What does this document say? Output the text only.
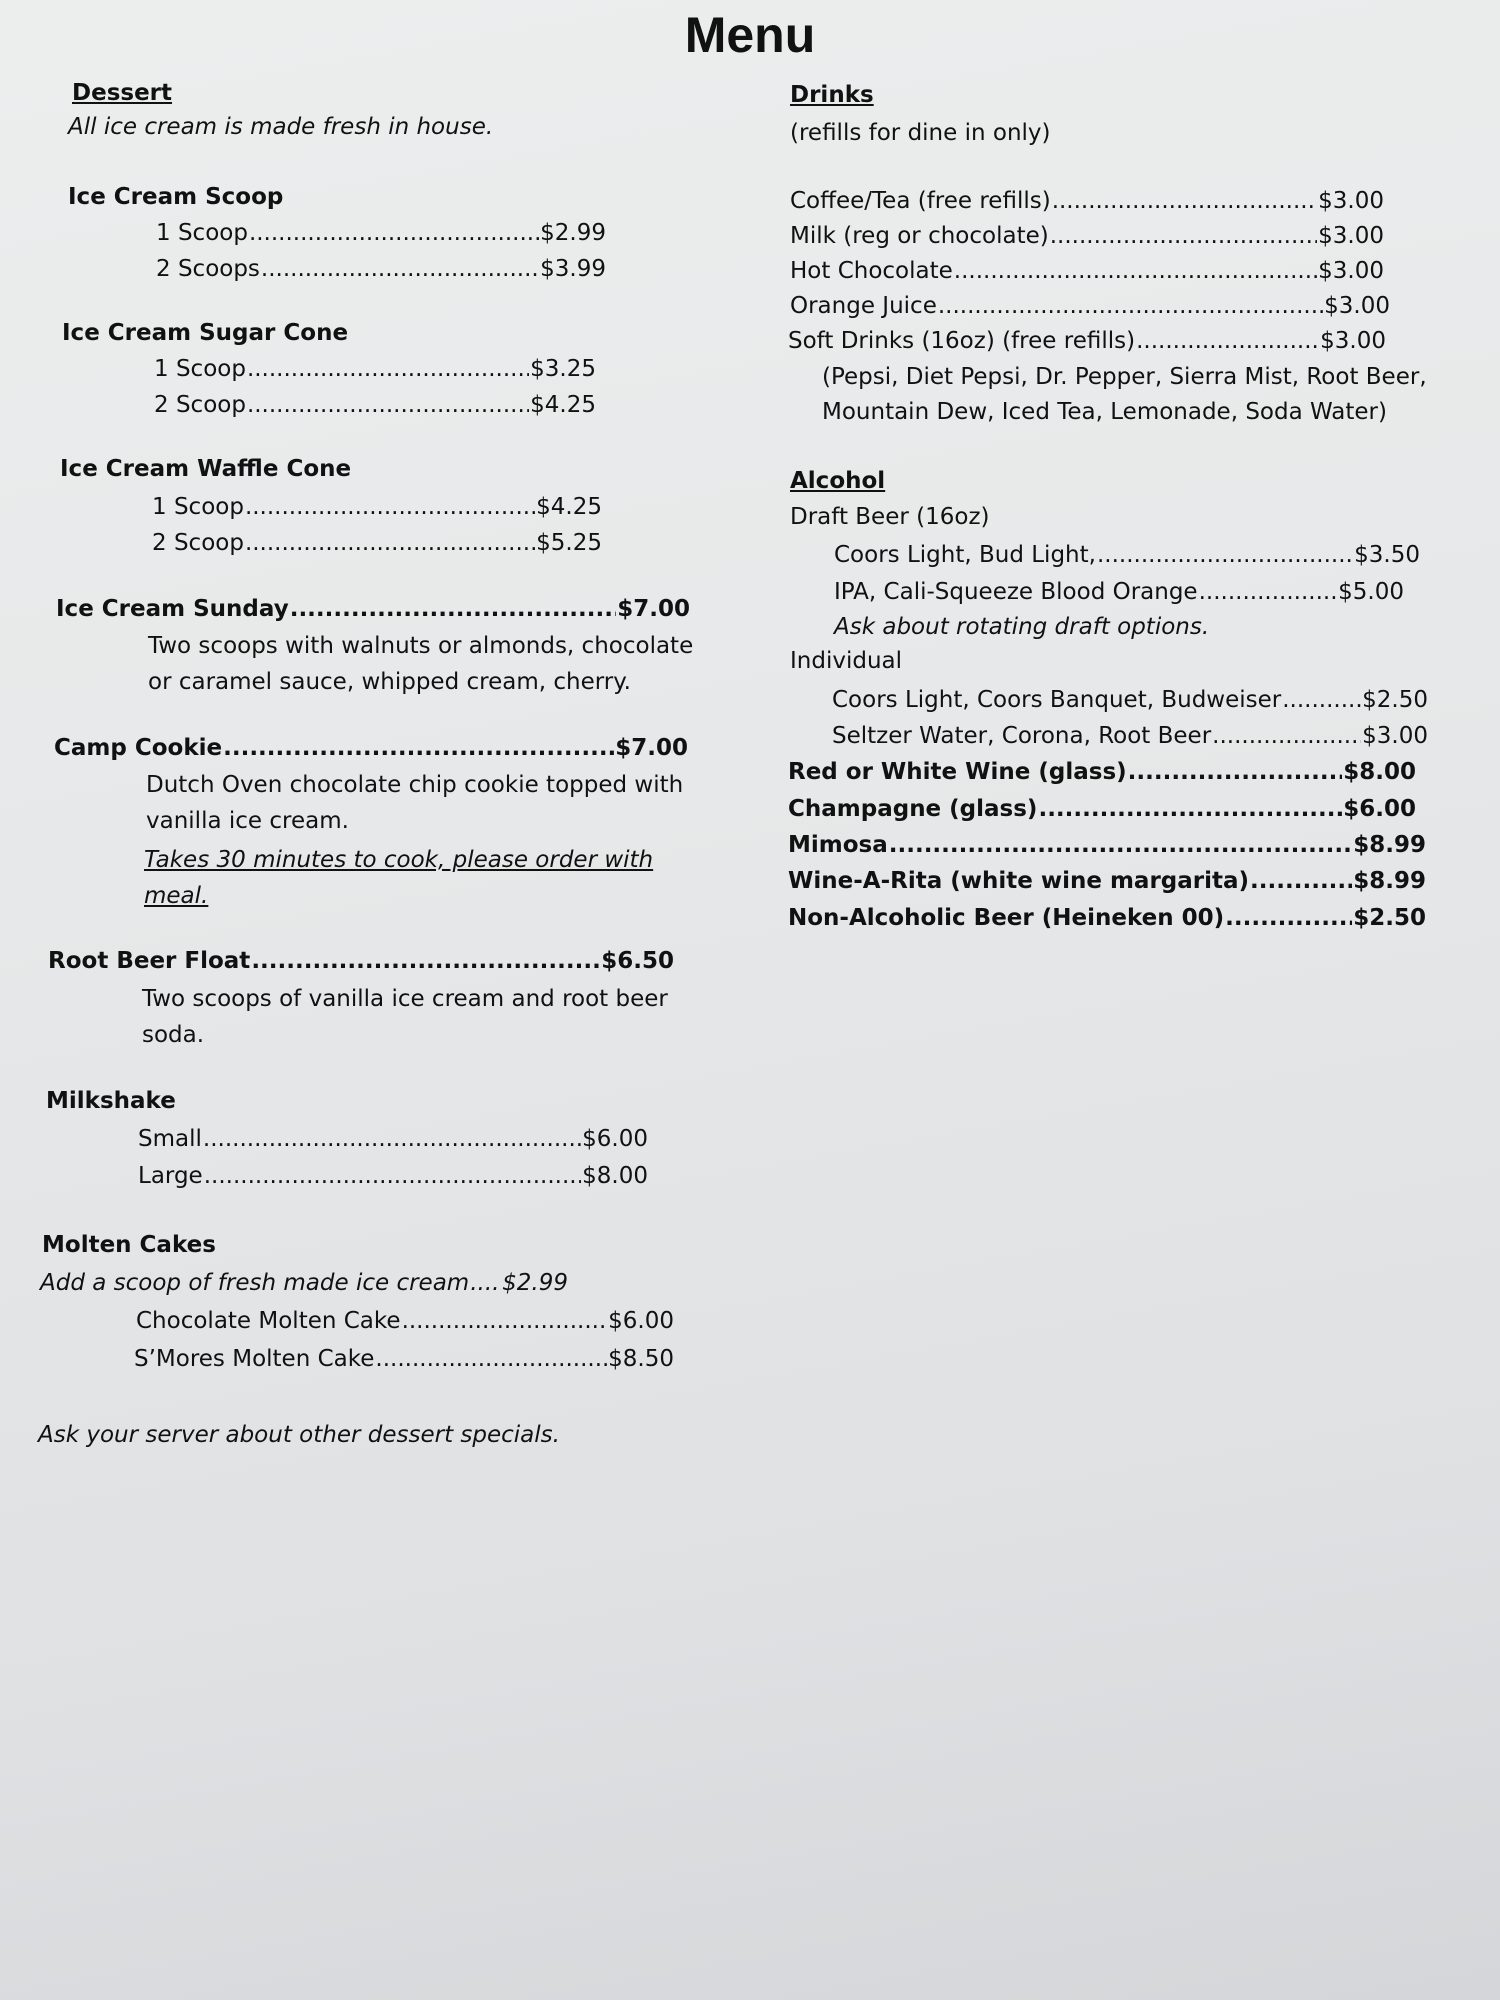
Menu
Dessert
All ice cream is made fresh in house.
Ice Cream Scoop
1 Scoop .....	$2.99
2 Scoops .....	$3.99
Ice Cream Sugar Cone
1 Scoop .....	$3.25
2 Scoop .....	$4.25
Ice Cream Waffle Cone
1 Scoop .....	$4.25
2 Scoop .....	$5.25
Ice Cream Sunday .....	$7.00
Two scoops with walnuts or almonds, chocolate or caramel sauce, whipped cream, cherry.
Camp Cookie .....	$7.00
Dutch Oven chocolate chip cookie topped with vanilla ice cream.
Takes 30 minutes to cook, please order with meal.
Root Beer Float .....	$6.50
Two scoops of vanilla ice cream and root beer soda.
Milkshake
Small .....	$6.00
Large .....	$8.00
Molten Cakes
Add a scoop of fresh made ice cream ..... $2.99
Chocolate Molten Cake .....	$6.00
S’Mores Molten Cake .....	$8.50
Ask your server about other dessert specials.
Drinks
(refills for dine in only)
Coffee/Tea (free refills) .....	$3.00
Milk (reg or chocolate) .....	$3.00
Hot Chocolate .....	$3.00
Orange Juice .....	$3.00
Soft Drinks (16oz) (free refills) .....	$3.00
(Pepsi, Diet Pepsi, Dr. Pepper, Sierra Mist, Root Beer,
Mountain Dew, Iced Tea, Lemonade, Soda Water)
Alcohol
Draft Beer (16oz)
Coors Light, Bud Light, .....	$3.50
IPA, Cali-Squeeze Blood Orange .....	$5.00
Ask about rotating draft options.
Individual
Coors Light, Coors Banquet, Budweiser .....	$2.50
Seltzer Water, Corona, Root Beer .....	$3.00
Red or White Wine (glass) .....	$8.00
Champagne (glass) .....	$6.00
Mimosa .....	$8.99
Wine-A-Rita (white wine margarita) .....	$8.99
Non-Alcoholic Beer (Heineken 00) .....	$2.50
